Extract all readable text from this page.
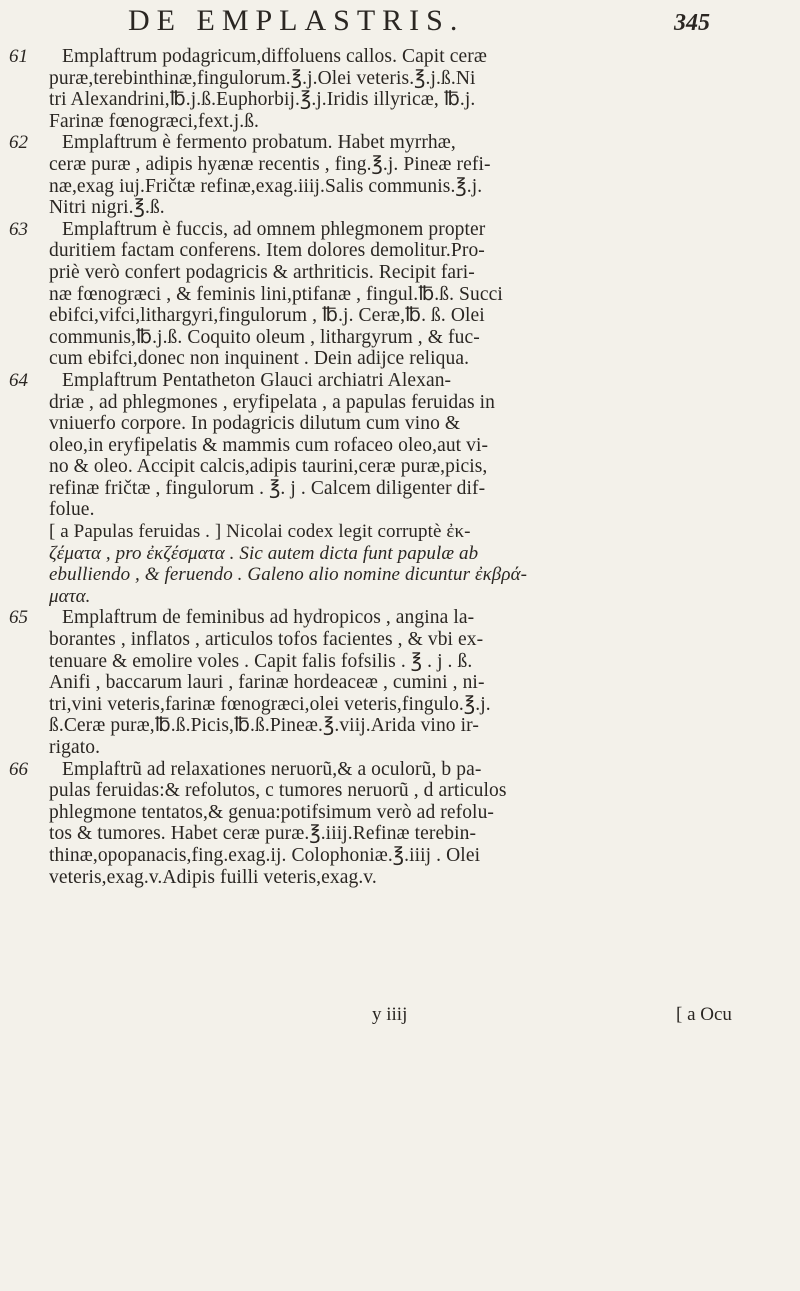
DE EMPLASTRIS.	345
61	Emplaftrum podagricum,diffoluens callos. Capit ceræ
puræ,terebinthinæ,fingulorum.℥.j.Olei veteris.℥.j.ß.Ni
tri Alexandrini,℔.j.ß.Euphorbij.℥.j.Iridis illyricæ, ℔.j.
Farinæ fœnogræci,fext.j.ß.
62	Emplaftrum è fermento probatum. Habet myrrhæ,
ceræ puræ , adipis hyænæ recentis , fing.℥.j. Pineæ refi-
næ,exag iuj.Fričtæ refinæ,exag.iiij.Salis communis.℥.j.
Nitri nigri.℥.ß.
63	Emplaftrum è fuccis, ad omnem phlegmonem propter
duritiem factam conferens. Item dolores demolitur.Pro-
priè verò confert podagricis & arthriticis. Recipit fari-
næ fœnogræci , & feminis lini,ptifanæ , fingul.℔.ß. Succi
ebifci,vifci,lithargyri,fingulorum , ℔.j. Ceræ,℔. ß. Olei
communis,℔.j.ß. Coquito oleum , lithargyrum , & fuc-
cum ebifci,donec non inquinent . Dein adijce reliqua.
64	Emplaftrum Pentatheton Glauci archiatri Alexan-
driæ , ad phlegmones , eryfipelata , a papulas feruidas in
vniuerfo corpore. In podagricis dilutum cum vino &
oleo,in eryfipelatis & mammis cum rofaceo oleo,aut vi-
no & oleo. Accipit calcis,adipis taurini,ceræ puræ,picis,
refinæ fričtæ , fingulorum . ℥. j . Calcem diligenter dif-
folue.
[ a Papulas feruidas . ] Nicolai codex legit corruptè ἐκ-
ζέματα , pro ἐκζέσματα . Sic autem dicta funt papulæ ab
ebulliendo , & feruendo . Galeno alio nomine dicuntur ἐκβρά-
ματα.
65	Emplaftrum de feminibus ad hydropicos , angina la-
borantes , inflatos , articulos tofos facientes , & vbi ex-
tenuare & emolire voles . Capit falis fofsilis . ℥ . j . ß.
Anifi , baccarum lauri , farinæ hordeaceæ , cumini , ni-
tri,vini veteris,farinæ fœnogræci,olei veteris,fingulo.℥.j.
ß.Ceræ puræ,℔.ß.Picis,℔.ß.Pineæ.℥.viij.Arida vino ir-
rigato.
66	Emplaftrũ ad relaxationes neruorũ,& a oculorũ, b pa-
pulas feruidas:& refolutos, c tumores neruorũ , d articulos
phlegmone tentatos,& genua:potifsimum verò ad refolu-
tos & tumores. Habet ceræ puræ.℥.iiij.Refinæ terebin-
thinæ,opopanacis,fing.exag.ij. Colophoniæ.℥.iiij . Olei
veteris,exag.v.Adipis fuilli veteris,exag.v.
y iiij	[ a Ocu
